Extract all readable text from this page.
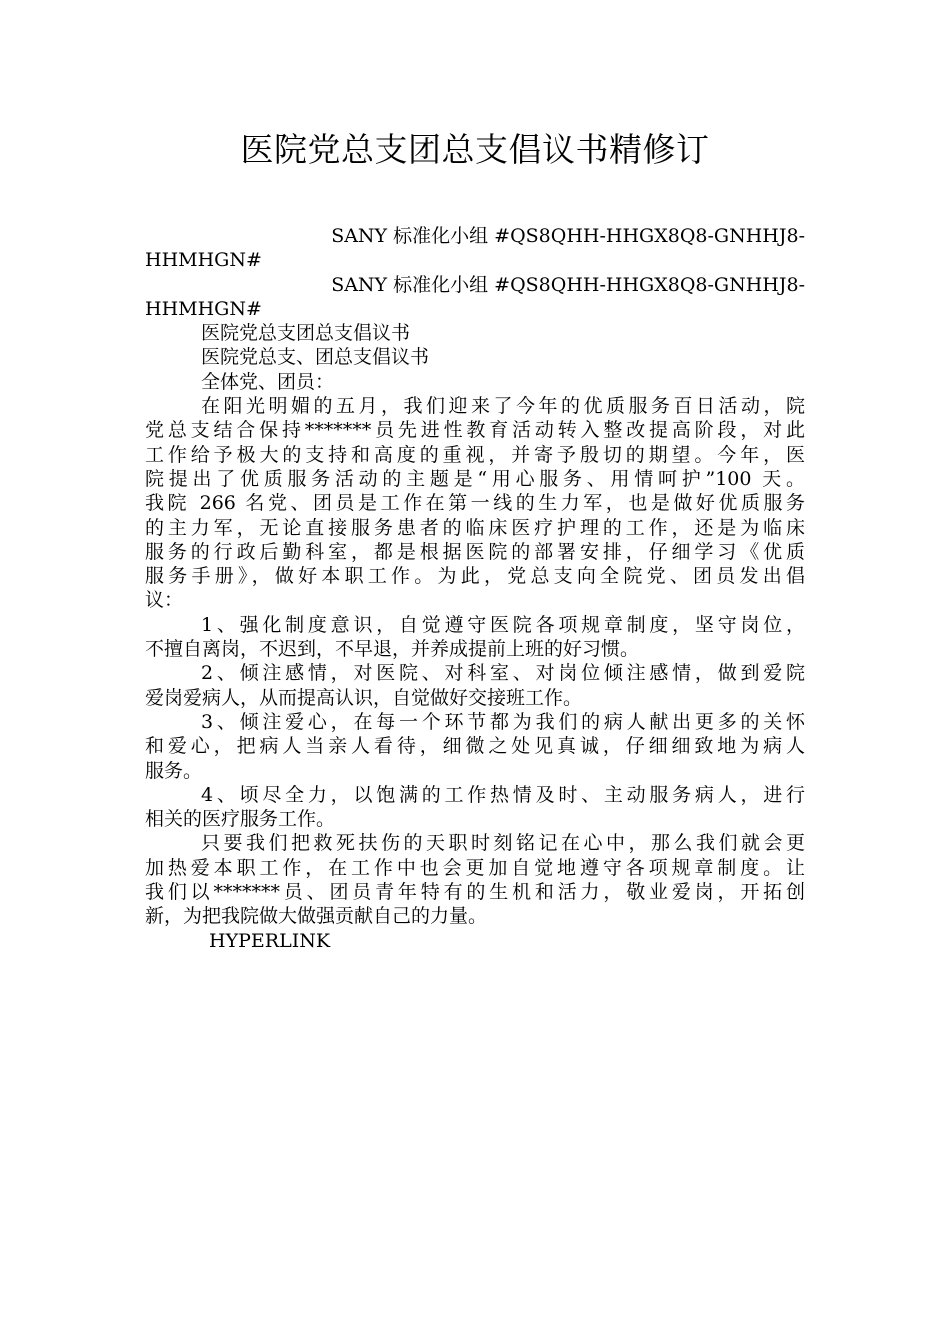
医院党总支团总支倡议书精修订
SANY 标准化小组 #QS8QHH-HHGX8Q8-GNHHJ8-
HHMHGN#
SANY 标准化小组 #QS8QHH-HHGX8Q8-GNHHJ8-
HHMHGN#
医院党总支团总支倡议书
医院党总支、团总支倡议书
全体党、团员：
在阳光明媚的五月，我们迎来了今年的优质服务百日活动，院
党总支结合保持*******员先进性教育活动转入整改提高阶段，对此
工作给予极大的支持和高度的重视，并寄予殷切的期望。今年，医
院提出了优质服务活动的主题是“用心服务、用情呵护”100 天。
我院 266 名党、团员是工作在第一线的生力军，也是做好优质服务
的主力军，无论直接服务患者的临床医疗护理的工作，还是为临床
服务的行政后勤科室，都是根据医院的部署安排，仔细学习《优质
服务手册》，做好本职工作。为此，党总支向全院党、团员发出倡
议：
1、强化制度意识，自觉遵守医院各项规章制度，坚守岗位，
不擅自离岗，不迟到，不早退，并养成提前上班的好习惯。
2、倾注感情，对医院、对科室、对岗位倾注感情，做到爱院
爱岗爱病人，从而提高认识，自觉做好交接班工作。
3、倾注爱心，在每一个环节都为我们的病人献出更多的关怀
和爱心，把病人当亲人看待，细微之处见真诚，仔细细致地为病人
服务。
4、顷尽全力，以饱满的工作热情及时、主动服务病人，进行
相关的医疗服务工作。
只要我们把救死扶伤的天职时刻铭记在心中，那么我们就会更
加热爱本职工作，在工作中也会更加自觉地遵守各项规章制度。让
我们以*******员、团员青年特有的生机和活力，敬业爱岗，开拓创
新，为把我院做大做强贡献自己的力量。
HYPERLINK
